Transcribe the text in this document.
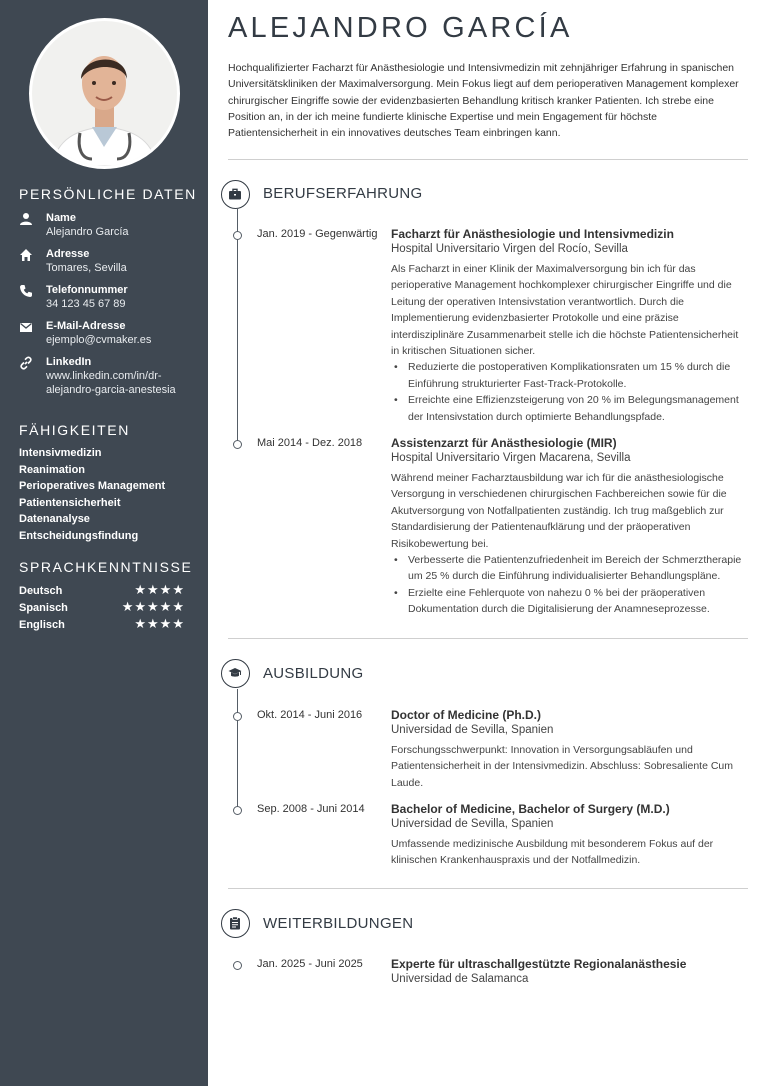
PERSÖNLICHE DATEN
Name
Alejandro García
Adresse
Tomares, Sevilla
Telefonnummer
34 123 45 67 89
E-Mail-Adresse
ejemplo@cvmaker.es
LinkedIn
www.linkedin.com/in/dr-alejandro-garcia-anestesia
FÄHIGKEITEN
Intensivmedizin
Reanimation
Perioperatives Management
Patientensicherheit
Datenanalyse
Entscheidungsfindung
SPRACHKENNTNISSE
Deutsch	★★★★
Spanisch	★★★★★
Englisch	★★★★
ALEJANDRO GARCÍA

Hochqualifizierter Facharzt für Anästhesiologie und Intensivmedizin mit zehnjähriger Erfahrung in spanischen Universitätskliniken der Maximalversorgung. Mein Fokus liegt auf dem perioperativen Management komplexer chirurgischer Eingriffe sowie der evidenzbasierten Behandlung kritisch kranker Patienten. Ich strebe eine Position an, in der ich meine fundierte klinische Expertise und mein Engagement für höchste Patientensicherheit in ein innovatives deutsches Team einbringen kann.

BERUFSERFAHRUNG
Jan. 2019 - Gegenwärtig Facharzt für Anästhesiologie und Intensivmedizin
Hospital Universitario Virgen del Rocío, Sevilla
Als Facharzt in einer Klinik der Maximalversorgung bin ich für das perioperative Management hochkomplexer chirurgischer Eingriffe und die Leitung der operativen Intensivstation verantwortlich. Durch die Implementierung evidenzbasierter Protokolle und eine präzise interdisziplinäre Zusammenarbeit stelle ich die höchste Patientensicherheit in kritischen Situationen sicher.
• Reduzierte die postoperativen Komplikationsraten um 15 % durch die Einführung strukturierter Fast-Track-Protokolle.
• Erreichte eine Effizienzsteigerung von 20 % im Belegungsmanagement der Intensivstation durch optimierte Behandlungspfade.
Mai 2014 - Dez. 2018 Assistenzarzt für Anästhesiologie (MIR)
Hospital Universitario Virgen Macarena, Sevilla
Während meiner Facharztausbildung war ich für die anästhesiologische Versorgung in verschiedenen chirurgischen Fachbereichen sowie für die Akutversorgung von Notfallpatienten zuständig. Ich trug maßgeblich zur Standardisierung der Patientenaufklärung und der präoperativen Risikobewertung bei.
• Verbesserte die Patientenzufriedenheit im Bereich der Schmerztherapie um 25 % durch die Einführung individualisierter Behandlungspläne.
• Erzielte eine Fehlerquote von nahezu 0 % bei der präoperativen Dokumentation durch die Digitalisierung der Anamneseprozesse.
AUSBILDUNG
Okt. 2014 - Juni 2016 Doctor of Medicine (Ph.D.)
Universidad de Sevilla, Spanien
Forschungsschwerpunkt: Innovation in Versorgungsabläufen und Patientensicherheit in der Intensivmedizin. Abschluss: Sobresaliente Cum Laude.
Sep. 2008 - Juni 2014 Bachelor of Medicine, Bachelor of Surgery (M.D.)
Universidad de Sevilla, Spanien
Umfassende medizinische Ausbildung mit besonderem Fokus auf der klinischen Krankenhauspraxis und der Notfallmedizin.
WEITERBILDUNGEN
Jan. 2025 - Juni 2025 Experte für ultraschallgestützte Regionalanästhesie
Universidad de Salamanca
